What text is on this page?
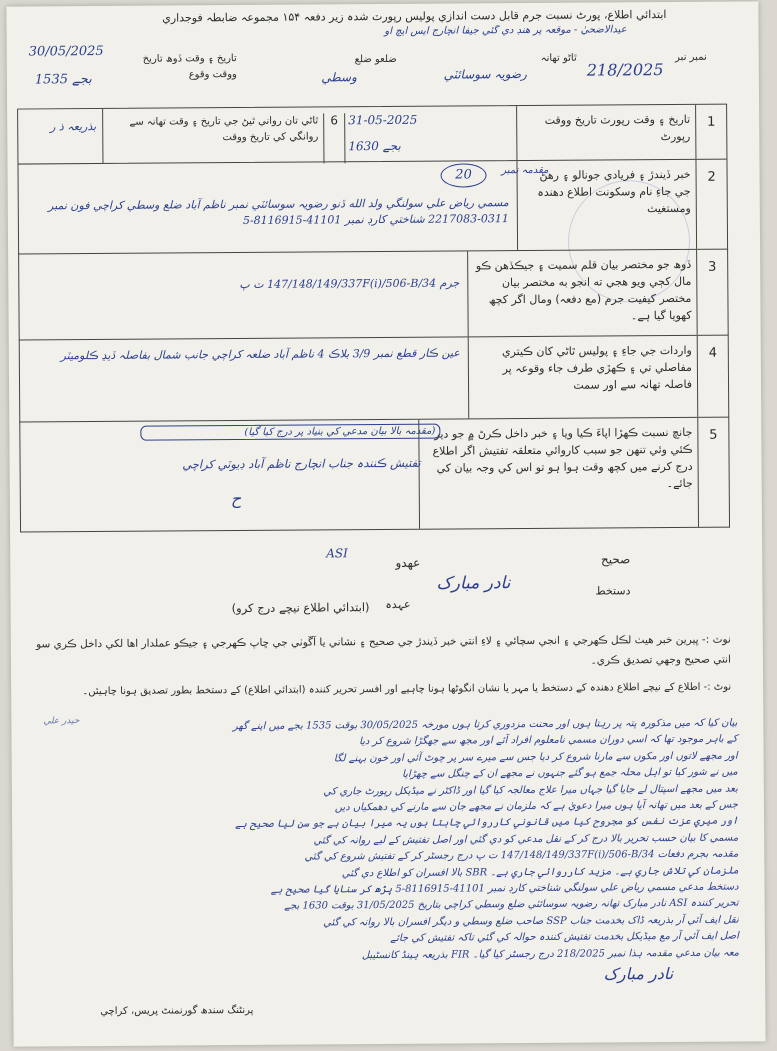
ابتدائي اطلاع، پورٹ نسبت جرم قابل دست اندازي پوليس رپورٽ شدہ زير دفعہ ۱۵۴ مجموعہ ضابطہ فوجداري
عيدالاضحيٰ - موقعہ پر ھنڊ دي گئي جيفا انچارج ايس ايچ او
نمبر نبر
218/2025
ٿاڻو تھانہ
رضويہ سوسائٽي
ضلعو ضلع
وسطي
تاريخ ۽ وقت ڏوھ تاريخ ووقت وقوع
30/05/2025
1535 بجے
1
تاريخ ۽ وقت رپورٽ تاريخ ووقت رپورٹ
31-05-2025
1630 بجے
6
ٿاڻي تان رواني ٿيڻ جي تاريخ ۽ وقت تھانہ سے روانگي کي تاريخ ووقت
بذريعہ ذ ر
2
خبر ڏيندڙ ۽ فريادي جونالو ۽ رھڻ جي جاءِ نام وسکونت اطلاع دھندہ ومستغيث
20	مقدمہ نمبر
مسمي رياض علي سولنگي ولد الله ڏنو رضويہ سوسائٽي نمبر ناظم آباد ضلع وسطي کراچي فون نمبر 0311-2217083 شناختي کارڊ نمبر 41101-8116915-5
3
ڏوھ جو مختصر بيان قلم سميت ۽ جيڪڏھن ڪو مال کڄي ويو ھجي ته انجو به مختصر بيان مختصر کيفيت جرم (مع دفعہ) ومال اگر کچھ کھويا گيا ہے۔
جرم 147/148/149/337F(i)/506-B/34 ت پ
4
واردات جي جاءِ ۽ پوليس ٿاڻي کان ڪيتري مفاصلي تي ۽ ڪھڙي طرف جاء وقوعہ پر فاصلہ تھانہ سے اور سمت
عين ڪار قطع نمبر 3/9 بلاڪ 4 ناظم آباد ضلعہ کراچي جانب شمال بفاصلہ ڏيڍ ڪلوميٽر
5
جانچ نسبت ڪھڙا اپاءَ ڪيا ويا ۽ خبر داخل ڪرڻ ۾ جو دير ڪئي وئي تنھن جو سبب کاروائي متعلقہ تفتيش اگر اطلاع درج کرنے ميں کچھ وقت ہوا ہو تو اس کي وجہ بيان کي جائے۔
(مقدمہ بالا بيان مدعي کي بنياد پر درج کيا گيا)
تفتيش ڪنندہ جناب انچارج ناظم آباد ڊيوٽي کراچي
ح
صحيح
عھدو
ASI
نادر مبارک	دستخط
عہدہ
(ابتدائي اطلاع نيچے درج کرو)
نوٽ :- ڀيرين خبر ھيٺ لڪل ڪھرجي ۽ انجي سچائي ۽ لاءِ انتي خبر ڏيندڙ جي صحيح ۽ نشاني يا آڱوٺي جي ڇاپ ڪھرجي ۽ جيڪو عملدار اھا لکي داخل ڪري سو انتي صحيح وجھي تصديق ڪري۔
نوٹ :- اطلاع کے نيچے اطلاع دھندہ کے دستخط يا مہر يا نشان انگوٹھا ہونا چاہيے اور افسر تحرير کنندہ (ابتدائي اطلاع) کے دستخط بطور تصديق ہونا چاہيئں۔
بيان کيا کہ ميں مذکورہ پتہ پر رہتا ہوں اور محنت مزدوري کرتا ہوں مورخہ 30/05/2025 بوقت 1535 بجے ميں اپنے گھر
کے باہر موجود تھا کہ اسي دوران مسمي نامعلوم افراد آئے اور مجھ سے جھگڑا شروع کر ديا
اور مجھے لاتوں اور مکوں سے مارنا شروع کر ديا جس سے ميرے سر پر چوٹ آئي اور خون بہنے لگا
ميں نے شور کيا تو اہل محلہ جمع ہو گئے جنہوں نے مجھے ان کے چنگل سے چھڑايا
بعد ميں مجھے اسپتال لے جايا گيا جہاں ميرا علاج معالجہ کيا گيا اور ڈاکٹر نے ميڈيکل رپورٹ جاري کي
جس کے بعد ميں تھانہ آيا ہوں ميرا دعويٰ ہے کہ ملزمان نے مجھے جان سے مارنے کي دھمکياں ديں
اور ميري عزت نفس کو مجروح کيا ميں قانوني کارروائي چاہتا ہوں يہ ميرا بيان ہے جو سن ليا صحيح ہے
مسمي کا بيان حسب تحرير بالا درج کر کے نقل مدعي کو دي گئي اور اصل تفتيش کے ليے روانہ کي گئي
مقدمہ بجرم دفعات 147/148/149/337F(i)/506-B/34 ت پ درج رجسٹر کر کے تفتيش شروع کي گئي
ملزمان کي تلاش جاري ہے۔ مزيد کارروائي جاري ہے۔ SBR بالا افسران کو اطلاع دي گئي
دستخط مدعي مسمي رياض علي سولنگي شناختي کارڊ نمبر 41101-8116915-5 پڑھ کر سنايا گيا صحيح ہے
تحرير کنندہ ASI نادر مبارک تھانہ رضويہ سوسائٽي ضلع وسطي کراچي بتاريخ 31/05/2025 بوقت 1630 بجے
نقل ايف آئي آر بذريعہ ڈاک بخدمت جناب SSP صاحب ضلع وسطي و ديگر افسران بالا روانہ کي گئي
اصل ايف آئي آر مع ميڈيکل بخدمت تفتيش کنندہ حوالہ کي گئي تاکہ تفتيش کي جائے
معہ بيان مدعي مقدمہ ہذا نمبر 218/2025 درج رجسٹر کيا گيا۔ FIR بذريعہ ہينڈ کانسٹيبل
نادر مبارک
پرنٹنگ سندھ گورنمنٹ پريس، کراچي
حيدر علي
